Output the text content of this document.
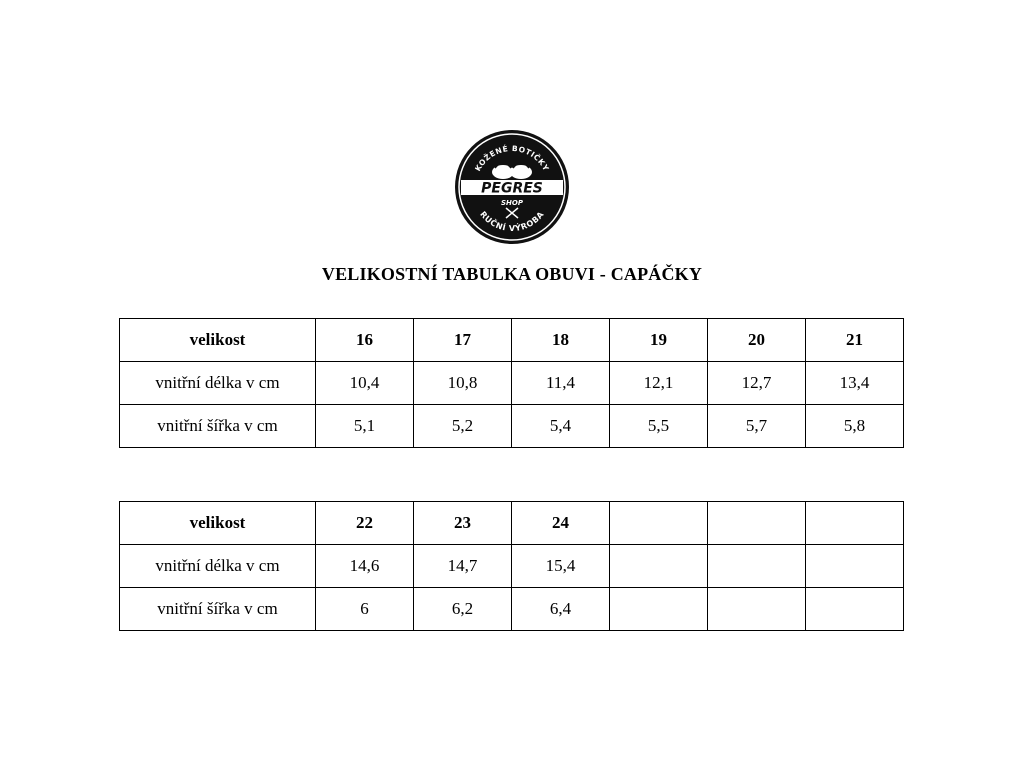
KOŽENÉ BOTIČKY
PEGRES
SHOP
RUČNÍ VÝROBA
VELIKOSTNÍ TABULKA OBUVI - CAPÁČKY
velikost	16	17	18	19	20	21
vnitřní délka v cm	10,4	10,8	11,4	12,1	12,7	13,4
vnitřní šířka v cm	5,1	5,2	5,4	5,5	5,7	5,8
velikost	22	23	24			
vnitřní délka v cm	14,6	14,7	15,4			
vnitřní šířka v cm	6	6,2	6,4			
